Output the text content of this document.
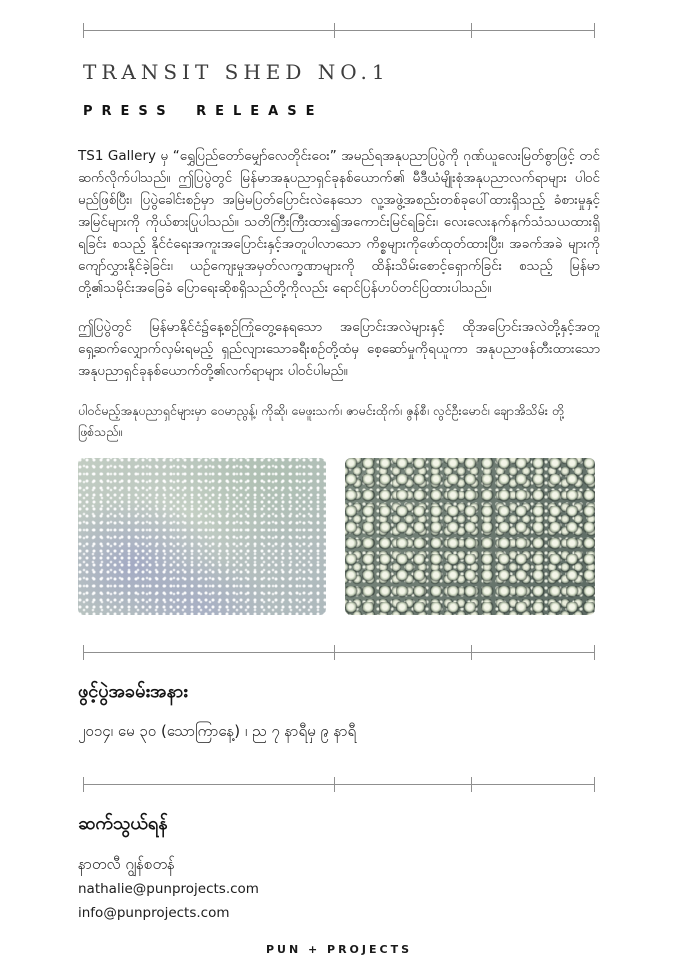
TRANSIT SHED NO.1
PRESS RELEASE

TS1 Gallery မှ “ရွှေပြည်တော်မျှော်လေတိုင်းဝေး” အမည်ရအနုပညာပြပွဲကို ဂုဏ်ယူလေးမြတ်စွာဖြင့် တင်ဆက်လိုက်ပါသည်။ ဤပြပွဲတွင် မြန်မာအနုပညာရှင်ခုနစ်ယောက်၏ မီဒီယံမျိုးစုံအနုပညာလက်ရာများ ပါဝင်မည်ဖြစ်ပြီး၊ ပြပွဲခေါင်းစဉ်မှာ အမြဲမပြတ်ပြောင်းလဲနေသော လူ့အဖွဲ့အစည်းတစ်ခုပေါ်ထားရှိသည့် ခံစားမှုနှင့် အမြင်များကို ကိုယ်စားပြုပါသည်။ သတိကြီးကြီးထား၍အကောင်းမြင်ရခြင်း၊ လေးလေးနက်နက်သံသယထားရှိရခြင်း စသည့် နိုင်ငံရေးအကူးအပြောင်းနှင့်အတူပါလာသော ကိစ္စများကိုဖော်ထုတ်ထားပြီး၊ အခက်အခဲ များကိုကျော်လွှားနိုင်ခဲ့ခြင်း၊ ယဉ်ကျေးမှုအမှတ်လက္ခဏာများကို ထိန်းသိမ်းစောင့်ရှောက်ခြင်း စသည့် မြန်မာ တို့၏သမိုင်းအခြေခံ ပြောရေးဆိုစရှိသည်တို့ကိုလည်း ရောင်ပြန်ဟပ်တင်ပြထားပါသည်။

ဤပြပွဲတွင် မြန်မာနိုင်ငံ၌နေ့စဉ်ကြုံတွေ့နေရသော အပြောင်းအလဲများနှင့် ထိုအပြောင်းအလဲတို့နှင့်အတူ ရှေ့ဆက်လျှောက်လှမ်းရမည့် ရှည်လျားသောခရီးစဉ်တို့ထံမှ စေ့ဆော်မှုကိုရယူကာ အနုပညာဖန်တီးထားသော အနုပညာရှင်ခုနစ်ယောက်တို့၏လက်ရာများ ပါဝင်ပါမည်။

ပါဝင်မည့်အနုပညာရှင်များမှာ ဝေမာညွန့်၊ ကိုဆို၊ မေဖူးသက်၊ ဇာမင်းထိုက်၊ ဇွန်စီ၊ လွင်ဦးမောင်၊ ချောအိသိမ်း တို့ဖြစ်သည်။

ဖွင့်ပွဲအခမ်းအနား

၂၀၁၄၊ မေ ၃၀ (သောကြာနေ့) ၊ ည ၇ နာရီမှ ၉ နာရီ

ဆက်သွယ်ရန်

နာတလီ ဂျွန်စတန်

nathalie@punprojects.com

info@punprojects.com

PUN + PROJECTS
